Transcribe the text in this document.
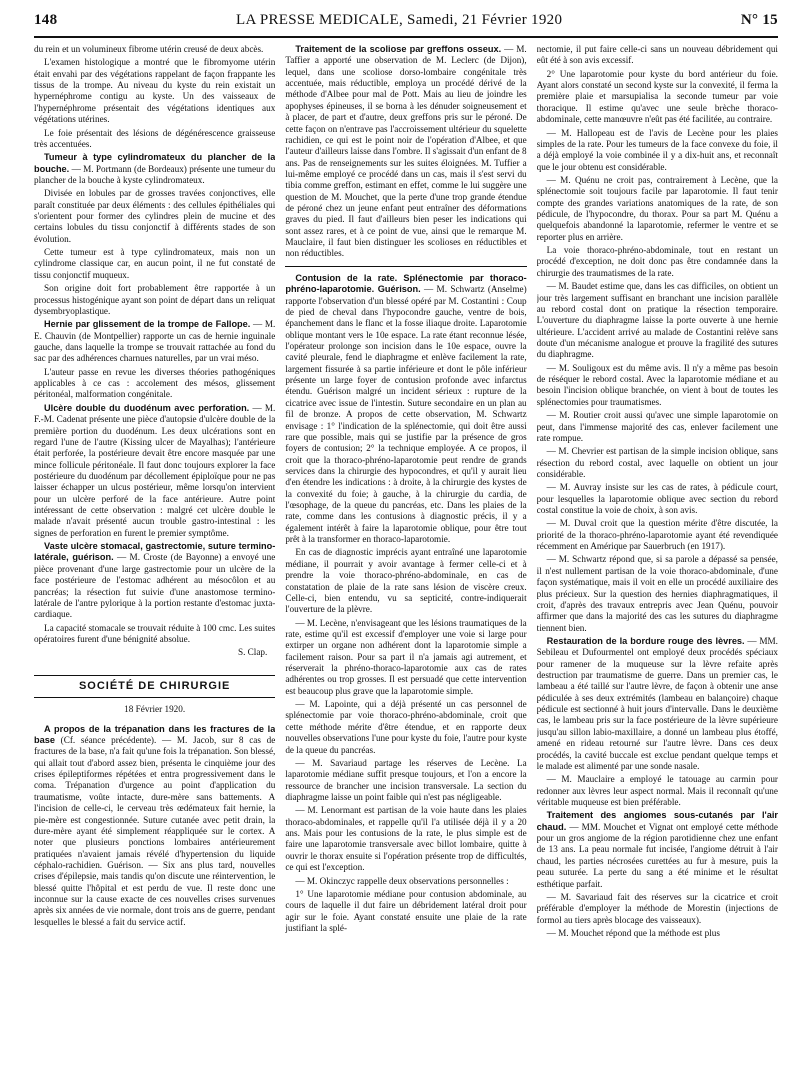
148	LA PRESSE MEDICALE, Samedi, 21 Février 1920	N° 15

du rein et un volumineux fibrome utérin creusé de deux abcès.

L'examen histologique a montré que le fibromyome utérin était envahi par des végétations rappelant de façon frappante les tissus de la trompe. Au niveau du kyste du rein existait un hypernéphrome contigu au kyste. Un des vaisseaux de l'hypernéphrome présentait des végétations identiques aux végétations utérines.

Le foie présentait des lésions de dégénérescence graisseuse très accentuées.

Tumeur à type cylindromateux du plancher de la bouche. — M. Portmann (de Bordeaux) présente une tumeur du plancher de la bouche à kyste cylindromateux.

Divisée en lobules par de grosses travées conjonctives, elle paraît constituée par deux éléments : des cellules épithéliales qui s'orientent pour former des cylindres plein de mucine et des certains lobules du tissu conjonctif à différents stades de son évolution.

Cette tumeur est à type cylindromateux, mais non un cylindrome classique car, en aucun point, il ne fut constaté de tissu conjonctif muqueux.

Son origine doit fort probablement être rapportée à un processus histogénique ayant son point de départ dans un reliquat dysembryoplastique.

Hernie par glissement de la trompe de Fallope. — M. E. Chauvin (de Montpellier) rapporte un cas de hernie inguinale gauche, dans laquelle la trompe se trouvait rattachée au fond du sac par des adhérences charnues naturelles, par un vrai méso.

L'auteur passe en revue les diverses théories pathogéniques applicables à ce cas : accolement des mésos, glissement péritonéal, malformation congénitale.

Ulcère double du duodénum avec perforation. — M. F.-M. Cadenat présente une pièce d'autopsie d'ulcère double de la première portion du duodénum. Les deux ulcérations sont en regard l'une de l'autre (Kissing ulcer de Mayalhas); l'antérieure était perforée, la postérieure devait être encore masquée par une mince follicule péritonéale. Il faut donc toujours explorer la face postérieure du duodénum par décollement épiploïque pour ne pas laisser échapper un ulcus postérieur, même lorsqu'on intervient pour un ulcère perforé de la face antérieure. Autre point intéressant de cette observation : malgré cet ulcère double le malade n'avait présenté aucun trouble gastro-intestinal : les signes de perforation en furent le premier symptôme.

Vaste ulcère stomacal, gastrectomie, suture termino-latérale, guérison. — M. Croste (de Bayonne) a envoyé une pièce provenant d'une large gastrectomie pour un ulcère de la face postérieure de l'estomac adhérent au mésocôlon et au pancréas; la résection fut suivie d'une anastomose termino-latérale de l'antre pylorique à la portion restante d'estomac juxta-cardiaque.

La capacité stomacale se trouvait réduite à 100 cmc. Les suites opératoires furent d'une bénignité absolue.

S. Clap.
SOCIÉTÉ DE CHIRURGIE
18 Février 1920.

A propos de la trépanation dans les fractures de la base (Cf. séance précédente). — M. Jacob, sur 8 cas de fractures de la base, n'a fait qu'une fois la trépanation. Son blessé, qui allait tout d'abord assez bien, présenta le cinquième jour des crises épileptiformes répétées et entra progressivement dans le coma. Trépanation d'urgence au point d'application du traumatisme, voûte intacte, dure-mère sans battements. A l'incision de celle-ci, le cerveau très œdémateux fait hernie, la pie-mère est congestionnée. Suture cutanée avec petit drain, la dure-mère ayant été simplement réappliquée sur le cortex. A noter que plusieurs ponctions lombaires antérieurement pratiquées n'avaient jamais révélé d'hypertension du liquide céphalo-rachidien. Guérison. — Six ans plus tard, nouvelles crises d'épilepsie, mais tandis qu'on discute une réintervention, le blessé quitte l'hôpital et est perdu de vue. Il reste donc une inconnue sur la cause exacte de ces nouvelles crises survenues après six années de vie normale, dont trois ans de guerre, pendant lesquelles le blessé a fait du service actif.

Traitement de la scoliose par greffons osseux. — M. Taffier a apporté une observation de M. Leclerc (de Dijon), lequel, dans une scoliose dorso-lombaire congénitale très accentuée, mais réductible, employa un procédé dérivé de la méthode d'Albee pour mal de Pott. Mais au lieu de joindre les apophyses épineuses, il se borna à les dénuder soigneusement et à placer, de part et d'autre, deux greffons pris sur le péroné. De cette façon on n'entrave pas l'accroissement ultérieur du squelette rachidien, ce qui est le point noir de l'opération d'Albee, et que l'auteur d'ailleurs laisse dans l'ombre. Il s'agissait d'un enfant de 8 ans. Pas de renseignements sur les suites éloignées. M. Tuffier a lui-même employé ce procédé dans un cas, mais il s'est servi du tibia comme greffon, estimant en effet, comme le lui suggère une question de M. Mouchet, que la perte d'une trop grande étendue de péroné chez un jeune enfant peut entraîner des déformations graves du pied. Il faut d'ailleurs bien peser les indications qui sont assez rares, et à ce point de vue, ainsi que le remarque M. Mauclaire, il faut bien distinguer les scolioses en réductibles et non réductibles.

Contusion de la rate. Splénectomie par thoraco-phréno-laparotomie. Guérison. — M. Schwartz (Anselme) rapporte l'observation d'un blessé opéré par M. Costantini : Coup de pied de cheval dans l'hypocondre gauche, ventre de bois, épanchement dans le flanc et la fosse iliaque droite. Laparotomie oblique montant vers le 10e espace. La rate étant reconnue lésée, l'opérateur prolonge son incision dans le 10e espace, ouvre la cavité pleurale, fend le diaphragme et enlève facilement la rate, largement fissurée à sa partie inférieure et dont le pôle inférieur présente un large foyer de contusion profonde avec infarctus étendu. Guérison malgré un incident sérieux : rupture de la cicatrice avec issue de l'intestin. Suture secondaire en un plan au fil de bronze. A propos de cette observation, M. Schwartz envisage : 1° l'indication de la splénectomie, qui doit être aussi rare que possible, mais qui se justifie par la présence de gros foyers de contusion; 2° la technique employée. A ce propos, il croit que la thoraco-phréno-laparotomie peut rendre de grands services dans la chirurgie des hypocondres, et qu'il y aurait lieu d'en étendre les indications : à droite, à la chirurgie des kystes de la convexité du foie; à gauche, à la chirurgie du cardia, de l'œsophage, de la queue du pancréas, etc. Dans les plaies de la rate, comme dans les contusions à diagnostic précis, il y a également intérêt à faire la laparotomie oblique, pour être tout prêt à la transformer en thoraco-laparotomie.

En cas de diagnostic imprécis ayant entraîné une laparotomie médiane, il pourrait y avoir avantage à fermer celle-ci et à prendre la voie thoraco-phréno-abdominale, en cas de constatation de plaie de la rate sans lésion de viscère creux. Celle-ci, bien entendu, vu sa septicité, contre-indiquerait l'ouverture de la plèvre.

— M. Lecène, n'envisageant que les lésions traumatiques de la rate, estime qu'il est excessif d'employer une voie si large pour extirper un organe non adhérent dont la laparotomie simple a facilement raison. Pour sa part il n'a jamais agi autrement, et réserverait la phréno-thoraco-laparotomie aux cas de rates adhérentes ou trop grosses. Il est persuadé que cette intervention est beaucoup plus grave que la laparotomie simple.

— M. Lapointe, qui a déjà présenté un cas personnel de splénectomie par voie thoraco-phréno-abdominale, croit que cette méthode mérite d'être étendue, et en rapporte deux nouvelles observations l'une pour kyste du foie, l'autre pour kyste de la queue du pancréas.

— M. Savariaud partage les réserves de Lecène. La laparotomie médiane suffit presque toujours, et l'on a encore la ressource de brancher une incision transversale. La section du diaphragme laisse un point faible qui n'est pas négligeable.

— M. Lenormant est partisan de la voie haute dans les plaies thoraco-abdominales, et rappelle qu'il l'a utilisée déjà il y a 20 ans. Mais pour les contusions de la rate, le plus simple est de faire une laparotomie transversale avec billot lombaire, quitte à ouvrir le thorax ensuite si l'opération présente trop de difficultés, ce qui est l'exception.

— M. Okinczyc rappelle deux observations personnelles :

1° Une laparotomie médiane pour contusion abdominale, au cours de laquelle il dut faire un débridement latéral droit pour agir sur le foie. Ayant constaté ensuite une plaie de la rate justifiant la splé-

nectomie, il put faire celle-ci sans un nouveau débridement qui eût été à son avis excessif.

2° Une laparotomie pour kyste du bord antérieur du foie. Ayant alors constaté un second kyste sur la convexité, il ferma la première plaie et marsupialisa la seconde tumeur par voie thoracique. Il estime qu'avec une seule brèche thoraco-abdominale, cette manœuvre n'eût pas été facilitée, au contraire.

— M. Hallopeau est de l'avis de Lecène pour les plaies simples de la rate. Pour les tumeurs de la face convexe du foie, il a déjà employé la voie combinée il y a dix-huit ans, et reconnaît que le jour obtenu est considérable.

— M. Quénu ne croit pas, contrairement à Lecène, que la splénectomie soit toujours facile par laparotomie. Il faut tenir compte des grandes variations anatomiques de la rate, de son pédicule, de l'hypocondre, du thorax. Pour sa part M. Quénu a quelquefois abandonné la laparotomie, refermer le ventre et se reporter plus en arrière.

La voie thoraco-phréno-abdominale, tout en restant un procédé d'exception, ne doit donc pas être condamnée dans la chirurgie des traumatismes de la rate.

— M. Baudet estime que, dans les cas difficiles, on obtient un jour très largement suffisant en branchant une incision parallèle au rebord costal dont on pratique la résection temporaire. L'ouverture du diaphragme laisse la porte ouverte à une hernie ultérieure. L'accident arrivé au malade de Costantini relève sans doute d'un mécanisme analogue et prouve la fragilité des sutures du diaphragme.

— M. Souligoux est du même avis. Il n'y a même pas besoin de réséquer le rebord costal. Avec la laparotomie médiane et au besoin l'incision oblique branchée, on vient à bout de toutes les splénectomies pour traumatismes.

— M. Routier croit aussi qu'avec une simple laparotomie on peut, dans l'immense majorité des cas, enlever facilement une rate rompue.

— M. Chevrier est partisan de la simple incision oblique, sans résection du rebord costal, avec laquelle on obtient un jour considérable.

— M. Auvray insiste sur les cas de rates, à pédicule court, pour lesquelles la laparotomie oblique avec section du rebord costal constitue la voie de choix, à son avis.

— M. Duval croit que la question mérite d'être discutée, la priorité de la thoraco-phréno-laparotomie ayant été revendiquée récemment en Amérique par Sauerbruch (en 1917).

— M. Schwartz répond que, si sa parole a dépassé sa pensée, il n'est nullement partisan de la voie thoraco-abdominale, d'une façon systématique, mais il voit en elle un procédé auxiliaire des plus précieux. Sur la question des hernies diaphragmatiques, il croit, d'après des travaux entrepris avec Jean Quénu, pouvoir affirmer que dans la majorité des cas les sutures du diaphragme tiennent bien.

Restauration de la bordure rouge des lèvres. — MM. Sebileau et Dufourmentel ont employé deux procédés spéciaux pour ramener de la muqueuse sur la lèvre refaite après destruction par traumatisme de guerre. Dans un premier cas, le lambeau a été taillé sur l'autre lèvre, de façon à obtenir une anse pédiculée à ses deux extrémités (lambeau en balançoire) chaque pédicule est sectionné à huit jours d'intervalle. Dans le deuxième cas, le lambeau pris sur la face postérieure de la lèvre supérieure jusqu'au sillon labio-maxillaire, a donné un lambeau plus étoffé, amené en rideau retourné sur l'autre lèvre. Dans ces deux procédés, la cavité buccale est exclue pendant quelque temps et le malade est alimenté par une sonde nasale.

— M. Mauclaire a employé le tatouage au carmin pour redonner aux lèvres leur aspect normal. Mais il reconnaît qu'une véritable muqueuse est bien préférable.

Traitement des angiomes sous-cutanés par l'air chaud. — MM. Mouchet et Vignat ont employé cette méthode pour un gros angiome de la région parotidienne chez une enfant de 13 ans. La peau normale fut incisée, l'angiome détruit à l'air chaud, les parties nécrosées curettées au fur à mesure, puis la peau suturée. La perte du sang a été minime et le résultat esthétique parfait.

— M. Savariaud fait des réserves sur la cicatrice et croit préférable d'employer la méthode de Morestin (injections de formol au tiers après blocage des vaisseaux).

— M. Mouchet répond que la méthode est plus
